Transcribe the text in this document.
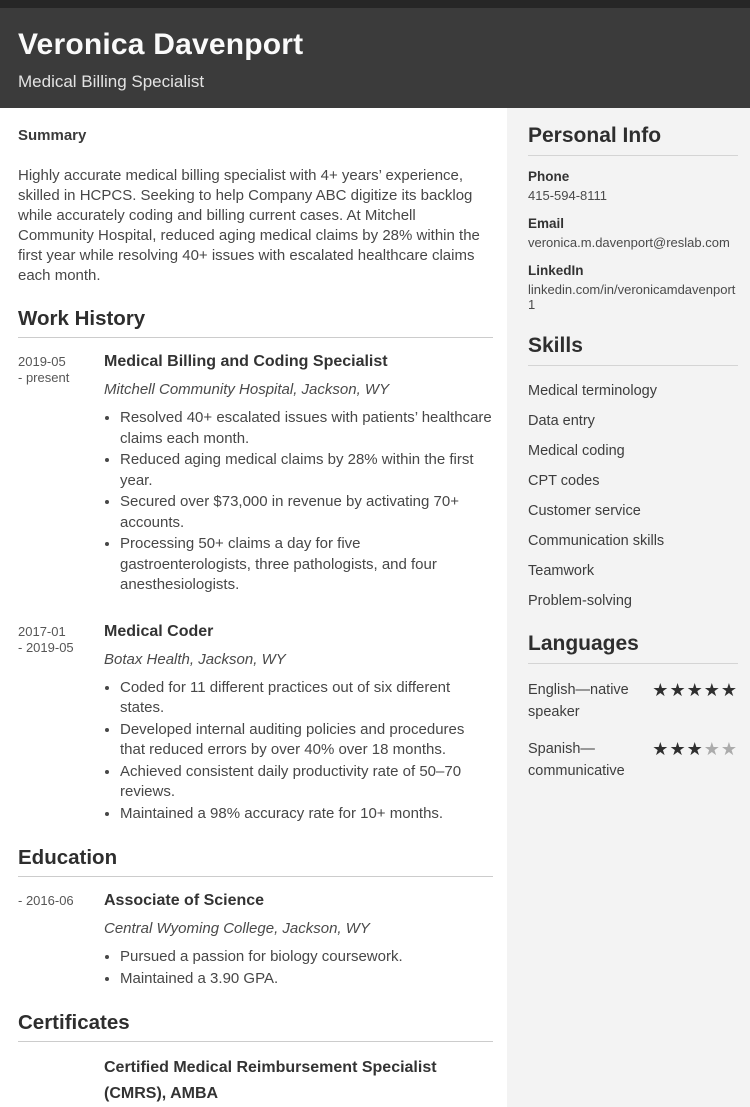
Veronica Davenport
Medical Billing Specialist
Summary
Highly accurate medical billing specialist with 4+ years’ experience, skilled in HCPCS. Seeking to help Company ABC digitize its backlog while accurately coding and billing current cases. At Mitchell Community Hospital, reduced aging medical claims by 28% within the first year while resolving 40+ issues with escalated healthcare claims each month.
Work History
2019-05
- present
Medical Billing and Coding Specialist
Mitchell Community Hospital, Jackson, WY
• Resolved 40+ escalated issues with patients’ healthcare claims each month.
• Reduced aging medical claims by 28% within the first year.
• Secured over $73,000 in revenue by activating 70+ accounts.
• Processing 50+ claims a day for five gastroenterologists, three pathologists, and four anesthesiologists.
2017-01
- 2019-05
Medical Coder
Botax Health, Jackson, WY
• Coded for 11 different practices out of six different states.
• Developed internal auditing policies and procedures that reduced errors by over 40% over 18 months.
• Achieved consistent daily productivity rate of 50–70 reviews.
• Maintained a 98% accuracy rate for 10+ months.
Education
- 2016-06	Associate of Science
Central Wyoming College, Jackson, WY
• Pursued a passion for biology coursework.
• Maintained a 3.90 GPA.
Certificates
Certified Medical Reimbursement Specialist (CMRS), AMBA
Personal Info
Phone
415-594-8111
Email
veronica.m.davenport@reslab.com
LinkedIn
linkedin.com/in/veronicamdavenport1
Skills
Medical terminology
Data entry
Medical coding
CPT codes
Customer service
Communication skills
Teamwork
Problem-solving
Languages
English—native speaker
★★★★★
Spanish—communicative
★★★★★
